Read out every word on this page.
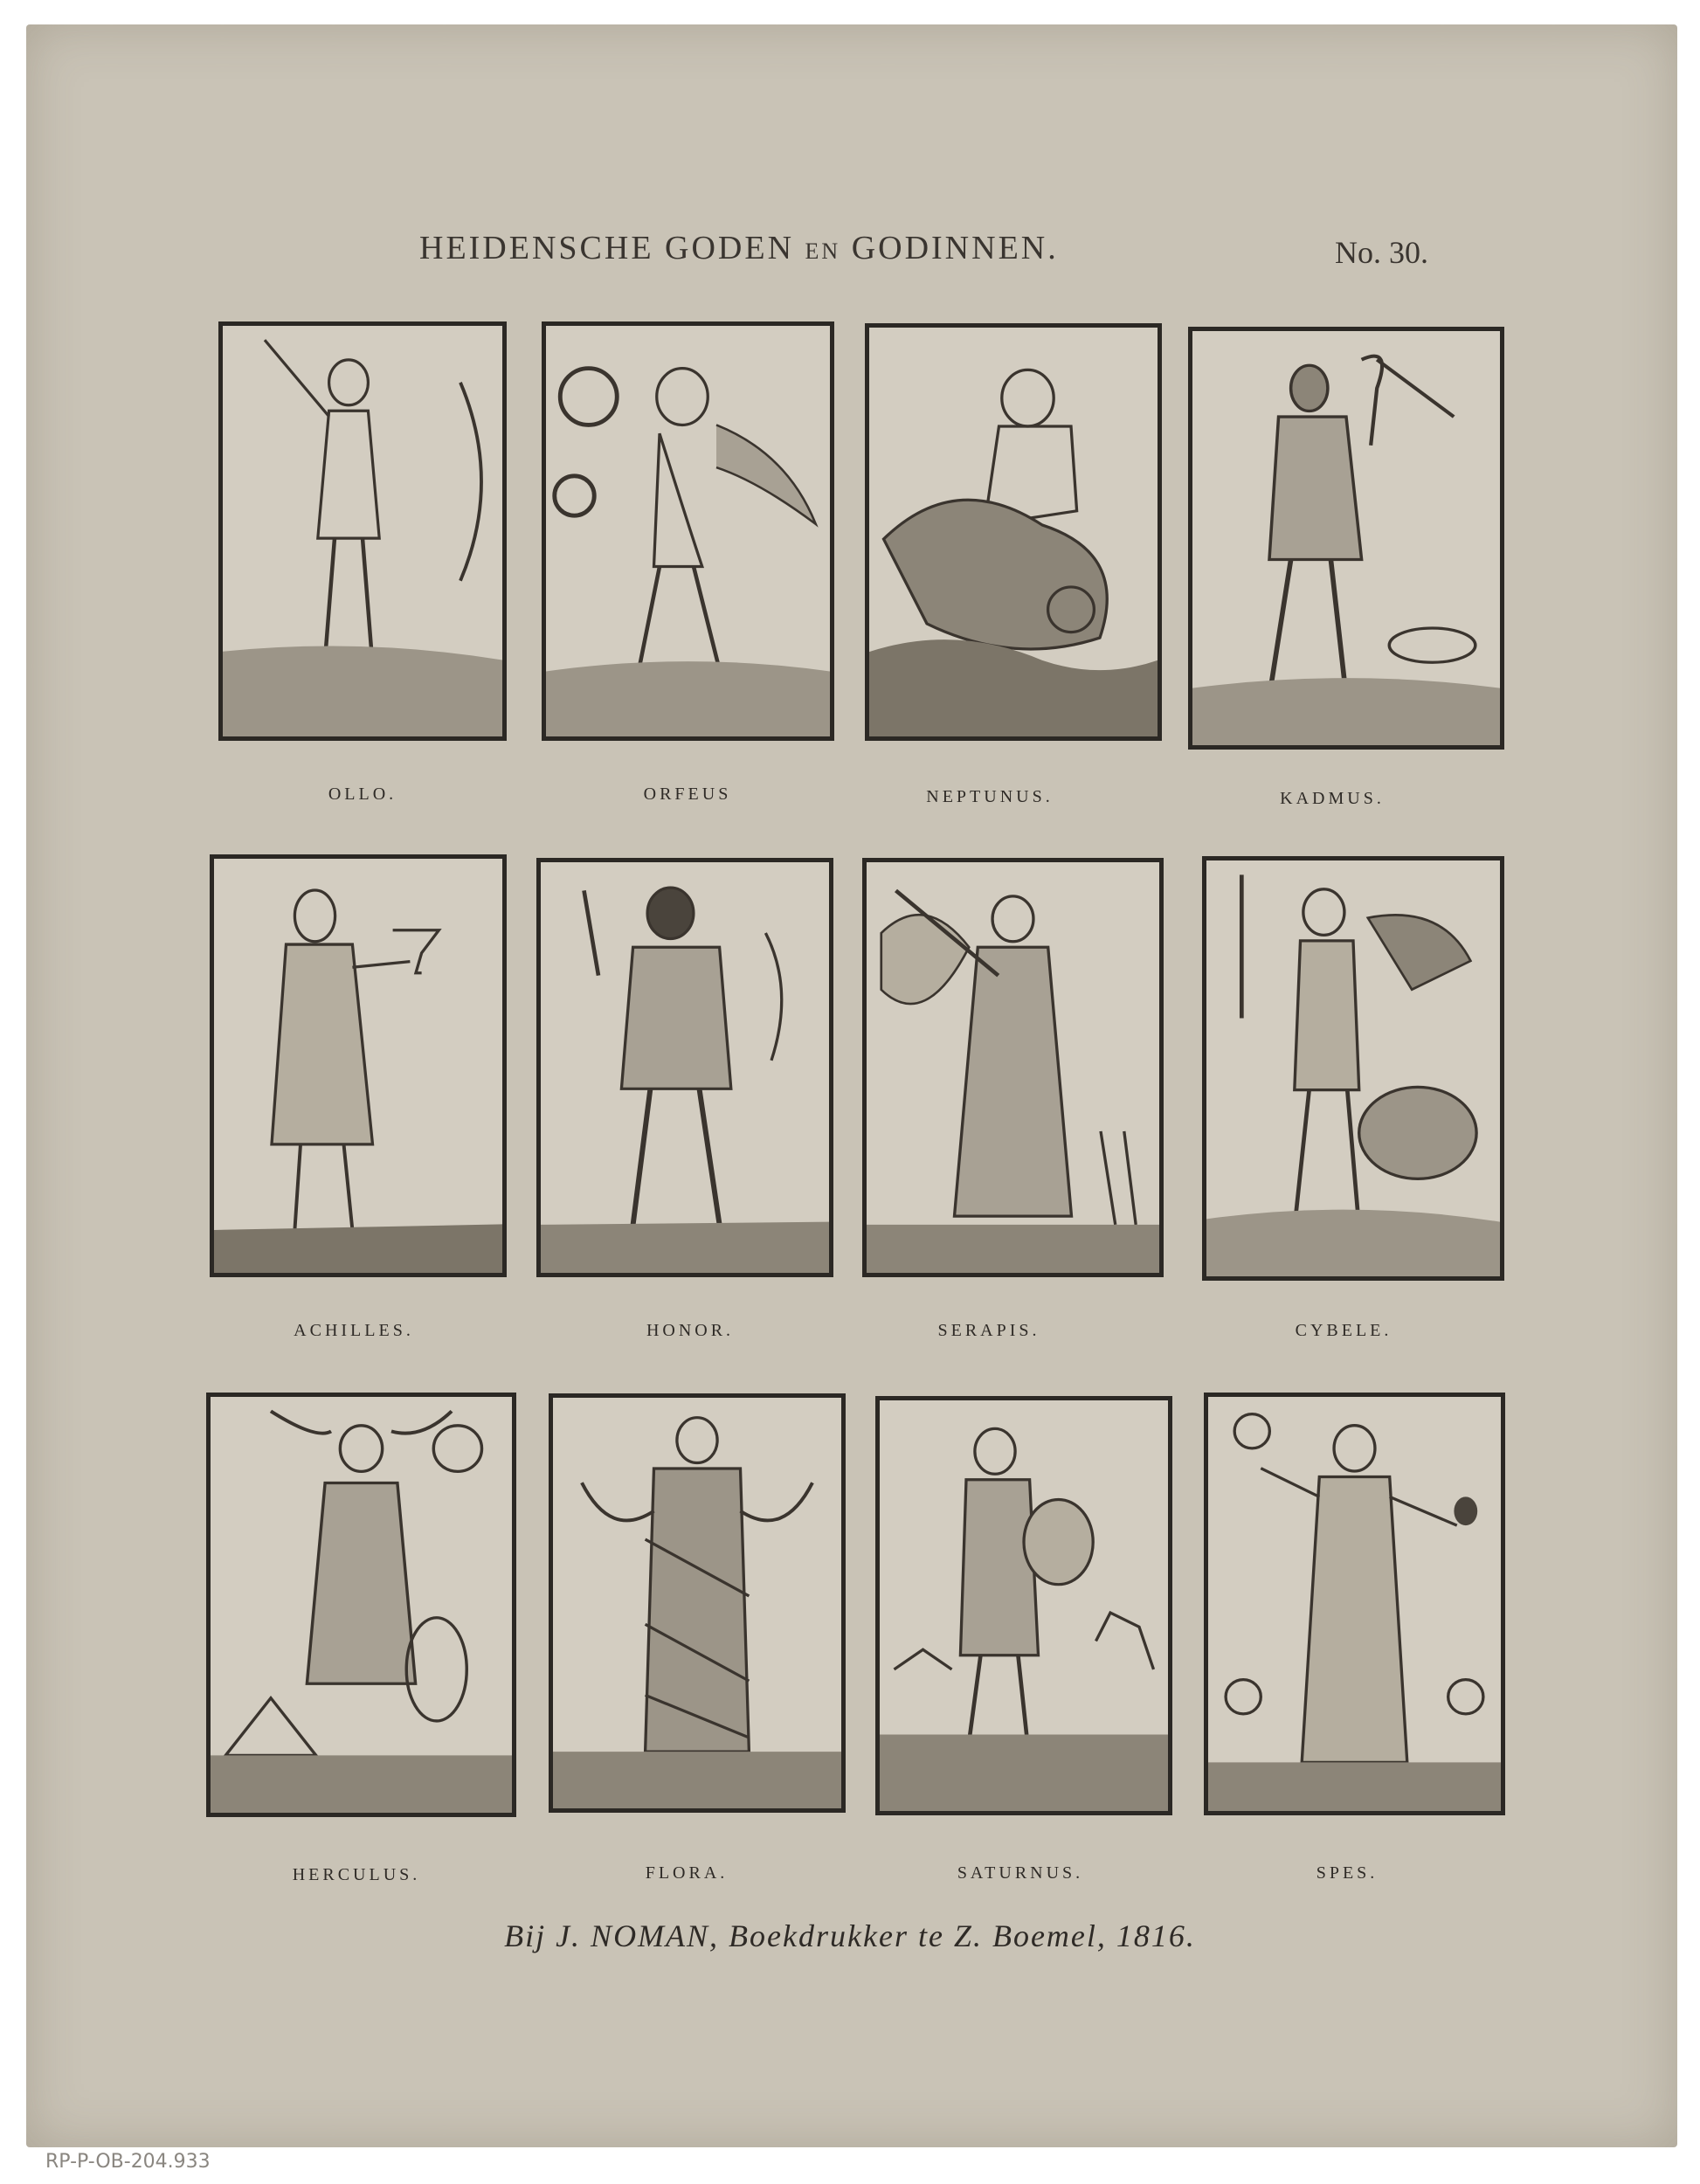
HEIDENSCHE GODEN EN GODINNEN.	No. 30.
OLLO.	ORFEUS	NEPTUNUS.	KADMUS.
ACHILLES.	HONOR.	SERAPIS.	CYBELE.
HERCULUS.	FLORA.	SATURNUS.	SPES.
Bij J. NOMAN, Boekdrukker te Z. Boemel, 1816.
RP-P-OB-204.933
